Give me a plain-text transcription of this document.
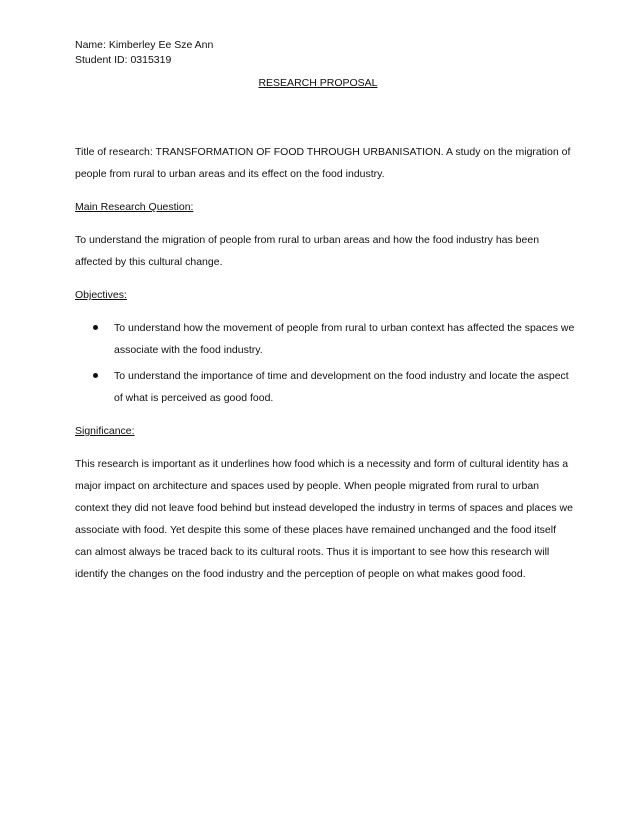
Name: Kimberley Ee Sze Ann
Student ID: 0315319
RESEARCH PROPOSAL

Title of research: TRANSFORMATION OF FOOD THROUGH URBANISATION. A study on the migration of people from rural to urban areas and its effect on the food industry.

Main Research Question:

To understand the migration of people from rural to urban areas and how the food industry has been affected by this cultural change.

Objectives:

To understand how the movement of people from rural to urban context has affected the spaces we associate with the food industry.
To understand the importance of time and development on the food industry and locate the aspect of what is perceived as good food.

Significance:

This research is important as it underlines how food which is a necessity and form of cultural identity has a major impact on architecture and spaces used by people. When people migrated from rural to urban context they did not leave food behind but instead developed the industry in terms of spaces and places we associate with food. Yet despite this some of these places have remained unchanged and the food itself can almost always be traced back to its cultural roots. Thus it is important to see how this research will identify the changes on the food industry and the perception of people on what makes good food.
